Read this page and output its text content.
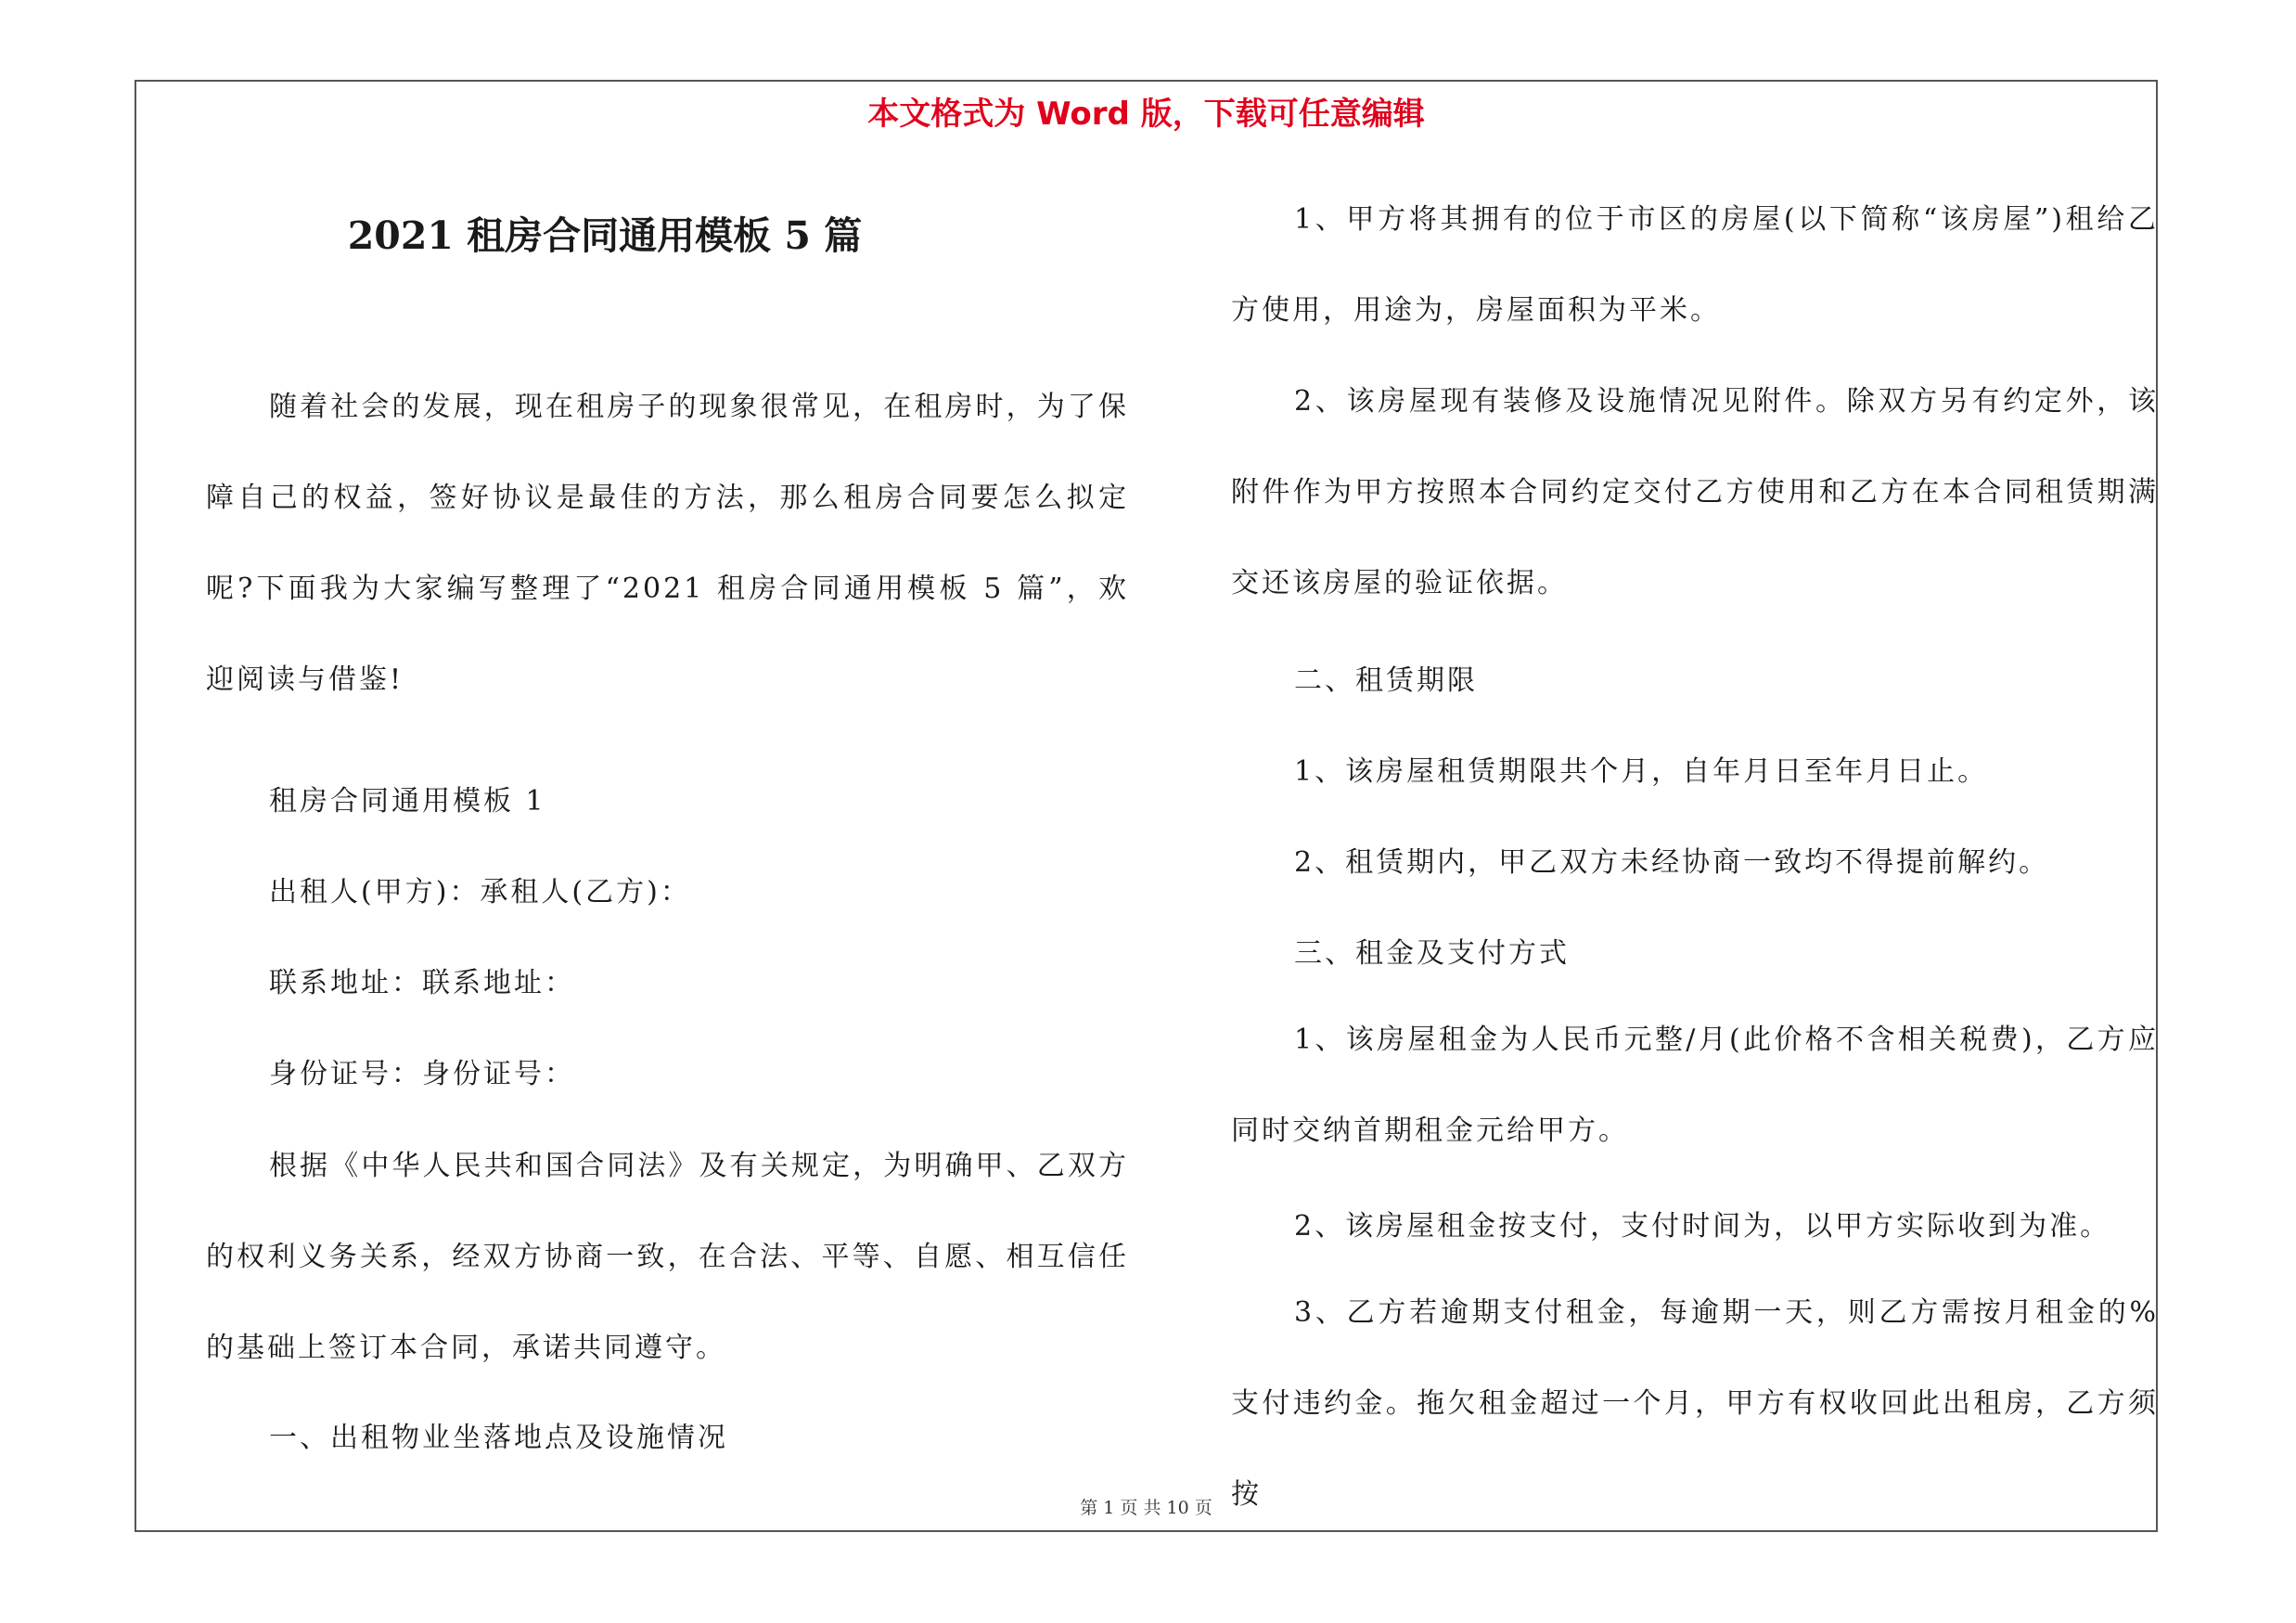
本文格式为 Word 版，下载可任意编辑
2021 租房合同通用模板 5 篇
随着社会的发展，现在租房子的现象很常见，在租房时，为了保障自己的权益，签好协议是最佳的方法，那么租房合同要怎么拟定呢?下面我为大家编写整理了“2021 租房合同通用模板 5 篇”，欢迎阅读与借鉴!
租房合同通用模板 1
出租人(甲方)：承租人(乙方)：
联系地址：联系地址：
身份证号：身份证号：
根据《中华人民共和国合同法》及有关规定，为明确甲、乙双方的权利义务关系，经双方协商一致，在合法、平等、自愿、相互信任的基础上签订本合同，承诺共同遵守。
一、出租物业坐落地点及设施情况
1、甲方将其拥有的位于市区的房屋(以下简称“该房屋”)租给乙方使用，用途为，房屋面积为平米。
2、该房屋现有装修及设施情况见附件。除双方另有约定外，该附件作为甲方按照本合同约定交付乙方使用和乙方在本合同租赁期满交还该房屋的验证依据。
二、租赁期限
1、该房屋租赁期限共个月，自年月日至年月日止。
2、租赁期内，甲乙双方未经协商一致均不得提前解约。
三、租金及支付方式
1、该房屋租金为人民币元整/月(此价格不含相关税费)，乙方应同时交纳首期租金元给甲方。
2、该房屋租金按支付，支付时间为，以甲方实际收到为准。
3、乙方若逾期支付租金，每逾期一天，则乙方需按月租金的%支付违约金。拖欠租金超过一个月，甲方有权收回此出租房，乙方须按
第 1 页 共 10 页
